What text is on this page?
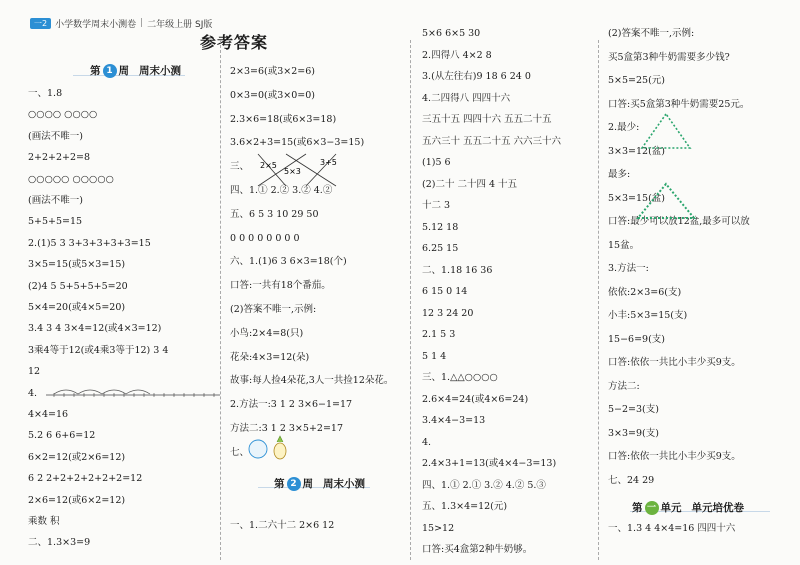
一2 小学数学周末小测卷 | 二年级上册 SJ版
参考答案
第 1 周 周末小测
一、1.8
○○○○ ○○○○
(画法不唯一)
2+2+2+2=8
○○○○○ ○○○○○
(画法不唯一)
5+5+5=15
2.(1)5 3 3+3+3+3+3=15
3×5=15(或5×3=15)
(2)4 5 5+5+5+5=20
5×4=20(或4×5=20)
3.4 3 4 3×4=12(或4×3=12)
3乘4等于12(或4乘3等于12) 3 4
12
4.
4×4=16
5.2 6 6+6=12
6×2=12(或2×6=12)
6 2 2+2+2+2+2+2=12
2×6=12(或6×2=12)
乘数 积
二、1.3×3=9
2×3=6(或3×2=6)
0×3=0(或3×0=0)
2.3×6=18(或6×3=18)
3.6×2+3=15(或6×3−3=15)
三、
四、1.① 2.② 3.② 4.②
五、6 5 3 10 29 50
0 0 0 0 0 0 0 0
六、1.(1)6 3 6×3=18(个)
口答:一共有18个番茄。
(2)答案不唯一,示例:
小鸟:2×4=8(只)
花朵:4×3=12(朵)
故事:每人捡4朵花,3人一共捡12朵花。
2.方法一:3 1 2 3×6−1=17
方法二:3 1 2 3×5+2=17
七、
2×5
5×3
3+5
第 2 周 周末小测
一、1.二六十二 2×6 12
5×6 6×5 30
2.四得八 4×2 8
3.(从左往右)9 18 6 24 0
4.二四得八 四四十六
三五十五 四四十六 五五二十五
五六三十 五五二十五 六六三十六
(1)5 6
(2)二十 二十四 4 十五
十二 3
5.12 18
6.25 15
二、1.18 16 36
6 15 0 14
12 3 24 20
2.1 5 3
5 1 4
三、1.△△○○○○
2.6×4=24(或4×6=24)
3.4×4−3=13
4.
2.4×3+1=13(或4×4−3=13)
四、1.① 2.① 3.② 4.② 5.③
五、1.3×4=12(元)
15>12
口答:买4盒第2种牛奶够。
(2)答案不唯一,示例:
买5盒第3种牛奶需要多少钱?
5×5=25(元)
口答:买5盒第3种牛奶需要25元。
2.最少:
3×3=12(盆)
最多:
5×3=15(盆)
口答:最少可以放12盆,最多可以放
15盆。
3.方法一:
依依:2×3=6(支)
小丰:5×3=15(支)
15−6=9(支)
口答:依依一共比小丰少买9支。
方法二:
5−2=3(支)
3×3=9(支)
口答:依依一共比小丰少买9支。
七、24 29
第 一 单元 单元培优卷
一、1.3 4 4×4=16 四四十六
